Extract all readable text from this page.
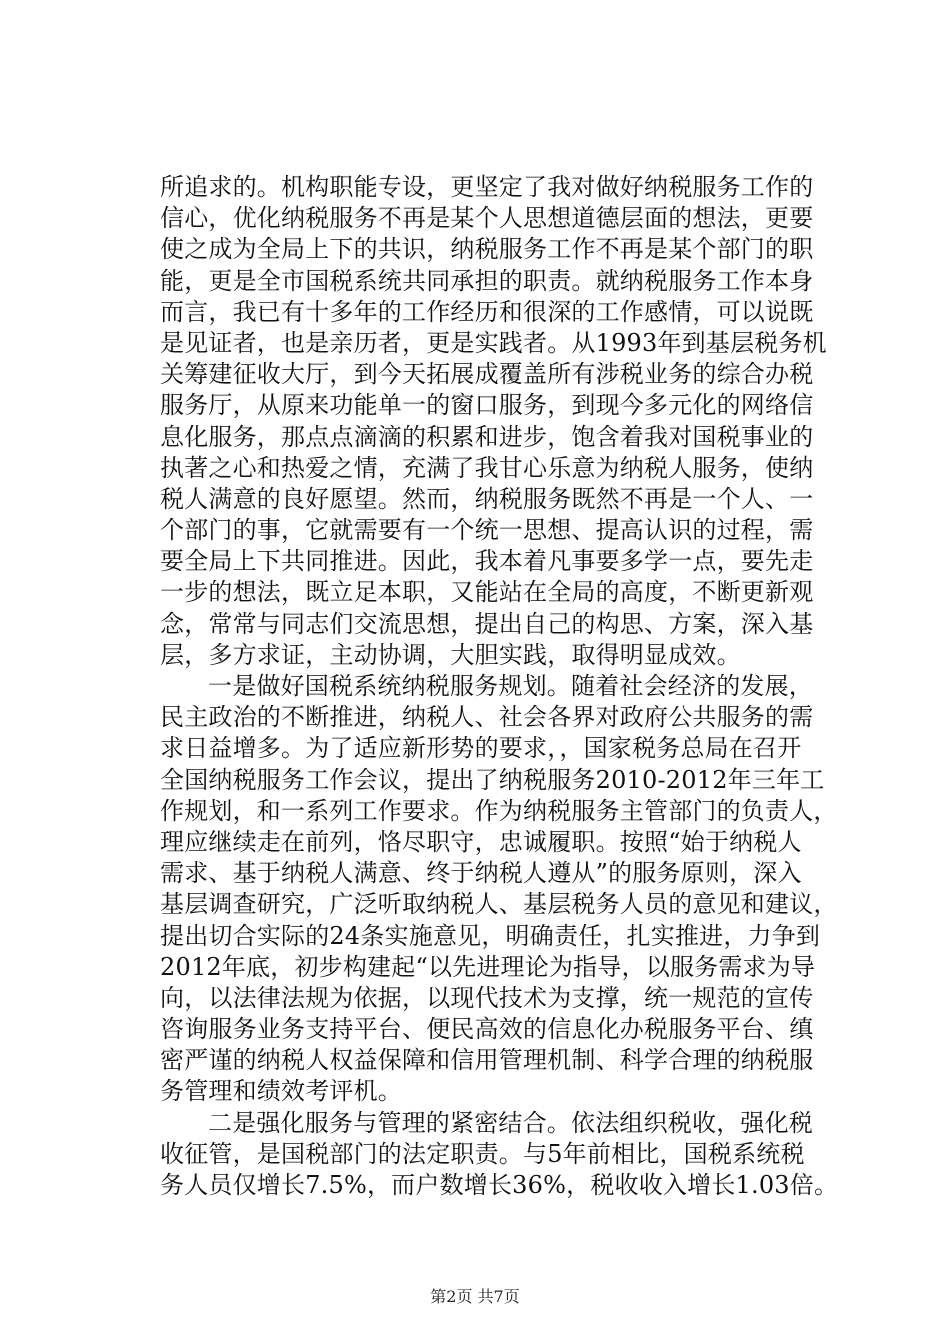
所追求的。机构职能专设，更坚定了我对做好纳税服务工作的
信心，优化纳税服务不再是某个人思想道德层面的想法，更要
使之成为全局上下的共识，纳税服务工作不再是某个部门的职
能，更是全市国税系统共同承担的职责。就纳税服务工作本身
而言，我已有十多年的工作经历和很深的工作感情，可以说既
是见证者，也是亲历者，更是实践者。从1993年到基层税务机
关筹建征收大厅，到今天拓展成覆盖所有涉税业务的综合办税
服务厅，从原来功能单一的窗口服务，到现今多元化的网络信
息化服务，那点点滴滴的积累和进步，饱含着我对国税事业的
执著之心和热爱之情，充满了我甘心乐意为纳税人服务，使纳
税人满意的良好愿望。然而，纳税服务既然不再是一个人、一
个部门的事，它就需要有一个统一思想、提高认识的过程，需
要全局上下共同推进。因此，我本着凡事要多学一点，要先走
一步的想法，既立足本职，又能站在全局的高度，不断更新观
念，常常与同志们交流思想，提出自己的构思、方案，深入基
层，多方求证，主动协调，大胆实践，取得明显成效。
一是做好国税系统纳税服务规划。随着社会经济的发展，
民主政治的不断推进，纳税人、社会各界对政府公共服务的需
求日益增多。为了适应新形势的要求，，国家税务总局在召开
全国纳税服务工作会议，提出了纳税服务2010-2012年三年工
作规划，和一系列工作要求。作为纳税服务主管部门的负责人，
理应继续走在前列，恪尽职守，忠诚履职。按照“始于纳税人
需求、基于纳税人满意、终于纳税人遵从”的服务原则，深入
基层调查研究，广泛听取纳税人、基层税务人员的意见和建议，
提出切合实际的24条实施意见，明确责任，扎实推进，力争到
2012年底，初步构建起“以先进理论为指导，以服务需求为导
向，以法律法规为依据，以现代技术为支撑，统一规范的宣传
咨询服务业务支持平台、便民高效的信息化办税服务平台、缜
密严谨的纳税人权益保障和信用管理机制、科学合理的纳税服
务管理和绩效考评机。
二是强化服务与管理的紧密结合。依法组织税收，强化税
收征管，是国税部门的法定职责。与5年前相比，国税系统税
务人员仅增长7.5%，而户数增长36%，税收收入增长1.03倍。
第2页 共7页
